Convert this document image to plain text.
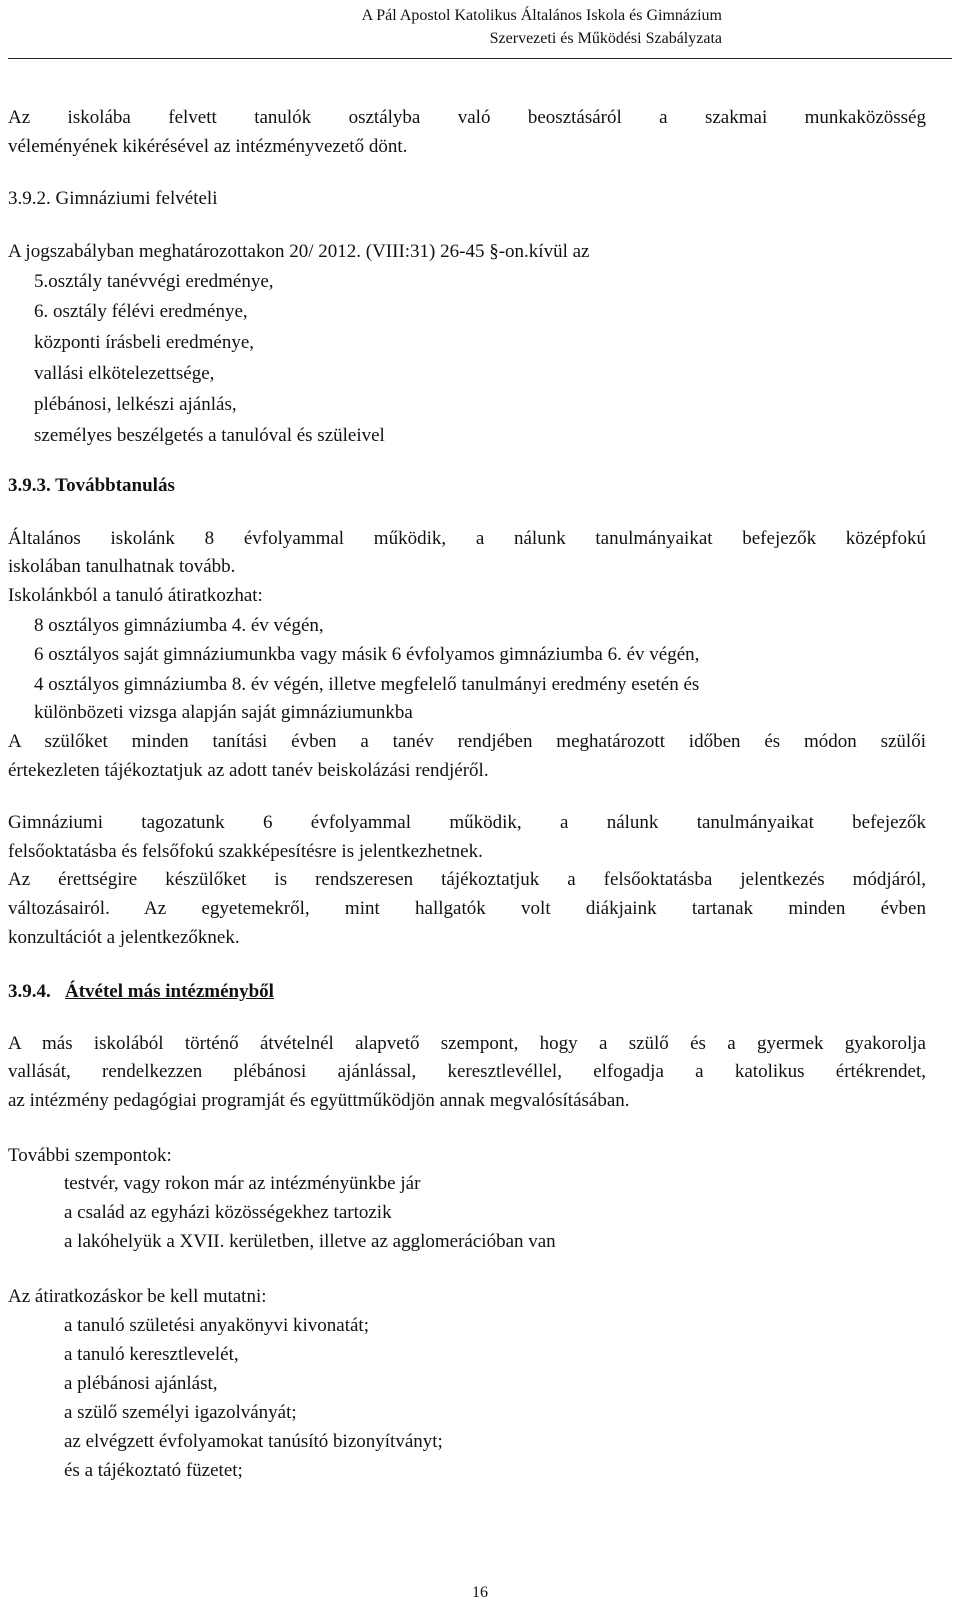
A Pál Apostol Katolikus Általános Iskola és Gimnázium
Szervezeti és Működési Szabályzata
Az iskolába felvett tanulók osztályba való beosztásáról a szakmai munkaközösség
véleményének kikérésével az intézményvezető dönt.
3.9.2. Gimnáziumi felvételi
A jogszabályban meghatározottakon 20/ 2012. (VIII:31) 26-45 §-on.kívül az
5.osztály tanévvégi eredménye,
6. osztály félévi eredménye,
központi írásbeli eredménye,
vallási elkötelezettsége,
plébánosi, lelkészi ajánlás,
személyes beszélgetés a tanulóval és szüleivel
3.9.3. Továbbtanulás
Általános iskolánk 8 évfolyammal működik, a nálunk tanulmányaikat befejezők középfokú
iskolában tanulhatnak tovább.
Iskolánkból a tanuló átiratkozhat:
8 osztályos gimnáziumba 4. év végén,
6 osztályos saját gimnáziumunkba vagy másik 6 évfolyamos gimnáziumba 6. év végén,
4 osztályos gimnáziumba 8. év végén, illetve megfelelő tanulmányi eredmény esetén és
különbözeti vizsga alapján saját gimnáziumunkba
A szülőket minden tanítási évben a tanév rendjében meghatározott időben és módon szülői
értekezleten tájékoztatjuk az adott tanév beiskolázási rendjéről.
Gimnáziumi tagozatunk 6 évfolyammal működik, a nálunk tanulmányaikat befejezők
felsőoktatásba és felsőfokú szakképesítésre is jelentkezhetnek.
Az érettségire készülőket is rendszeresen tájékoztatjuk a felsőoktatásba jelentkezés módjáról,
változásairól. Az egyetemekről, mint hallgatók volt diákjaink tartanak minden évben
konzultációt a jelentkezőknek.
3.9.4. Átvétel más intézményből
A más iskolából történő átvételnél alapvető szempont, hogy a szülő és a gyermek gyakorolja
vallását, rendelkezzen plébánosi ajánlással, keresztlevéllel, elfogadja a katolikus értékrendet,
az intézmény pedagógiai programját és együttműködjön annak megvalósításában.
További szempontok:
testvér, vagy rokon már az intézményünkbe jár
a család az egyházi közösségekhez tartozik
a lakóhelyük a XVII. kerületben, illetve az agglomerációban van
Az átiratkozáskor be kell mutatni:
a tanuló születési anyakönyvi kivonatát;
a tanuló keresztlevelét,
a plébánosi ajánlást,
a szülő személyi igazolványát;
az elvégzett évfolyamokat tanúsító bizonyítványt;
és a tájékoztató füzetet;
16
